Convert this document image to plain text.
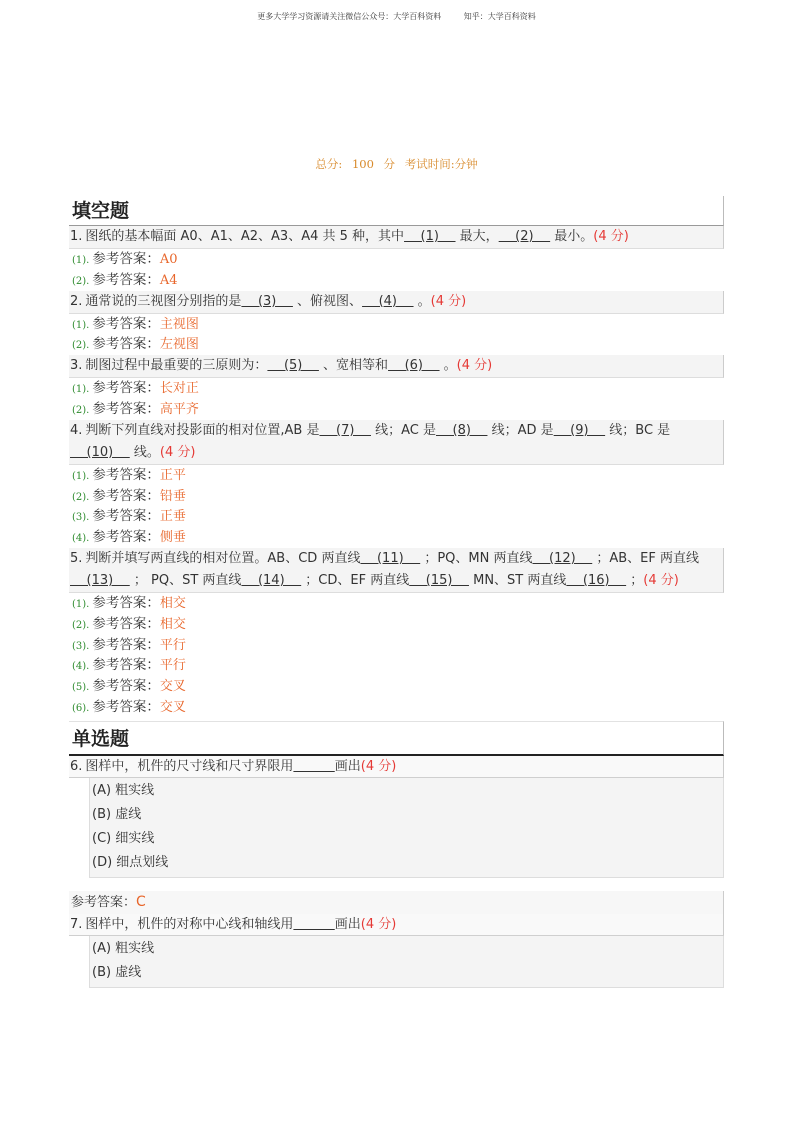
更多大学学习资源请关注微信公众号：大学百科资料	知乎：大学百科资料
总分: 100 分 考试时间:分钟
填空题
1. 图纸的基本幅面 A0、A1、A2、A3、A4 共 5 种，其中    (1)     最大，    (2)     最小。(4 分)
(1). 参考答案：A0
(2). 参考答案：A4
2. 通常说的三视图分别指的是    (3)     、俯视图、    (4)     。(4 分)
(1). 参考答案：主视图
(2). 参考答案：左视图
3. 制图过程中最重要的三原则为：    (5)     、宽相等和    (6)     。(4 分)
(1). 参考答案：长对正
(2). 参考答案：高平齐
4. 判断下列直线对投影面的相对位置,AB 是    (7)     线；AC 是    (8)     线；AD 是    (9)     线；BC 是    (10)     线。(4 分)
(1). 参考答案：正平
(2). 参考答案：铅垂
(3). 参考答案：正垂
(4). 参考答案：侧垂
5. 判断并填写两直线的相对位置。AB、CD 两直线    (11)     ；PQ、MN 两直线    (12)     ；AB、EF 两直线    (13)     ； PQ、ST 两直线    (14)     ；CD、EF 两直线    (15)     MN、ST 两直线    (16)     ；(4 分)
(1). 参考答案：相交
(2). 参考答案：相交
(3). 参考答案：平行
(4). 参考答案：平行
(5). 参考答案：交叉
(6). 参考答案：交叉
单选题
6. 图样中，机件的尺寸线和尺寸界限用	画出(4 分)
(A) 粗实线
(B) 虚线
(C) 细实线
(D) 细点划线
参考答案：C
7. 图样中，机件的对称中心线和轴线用	画出(4 分)
(A) 粗实线
(B) 虚线
